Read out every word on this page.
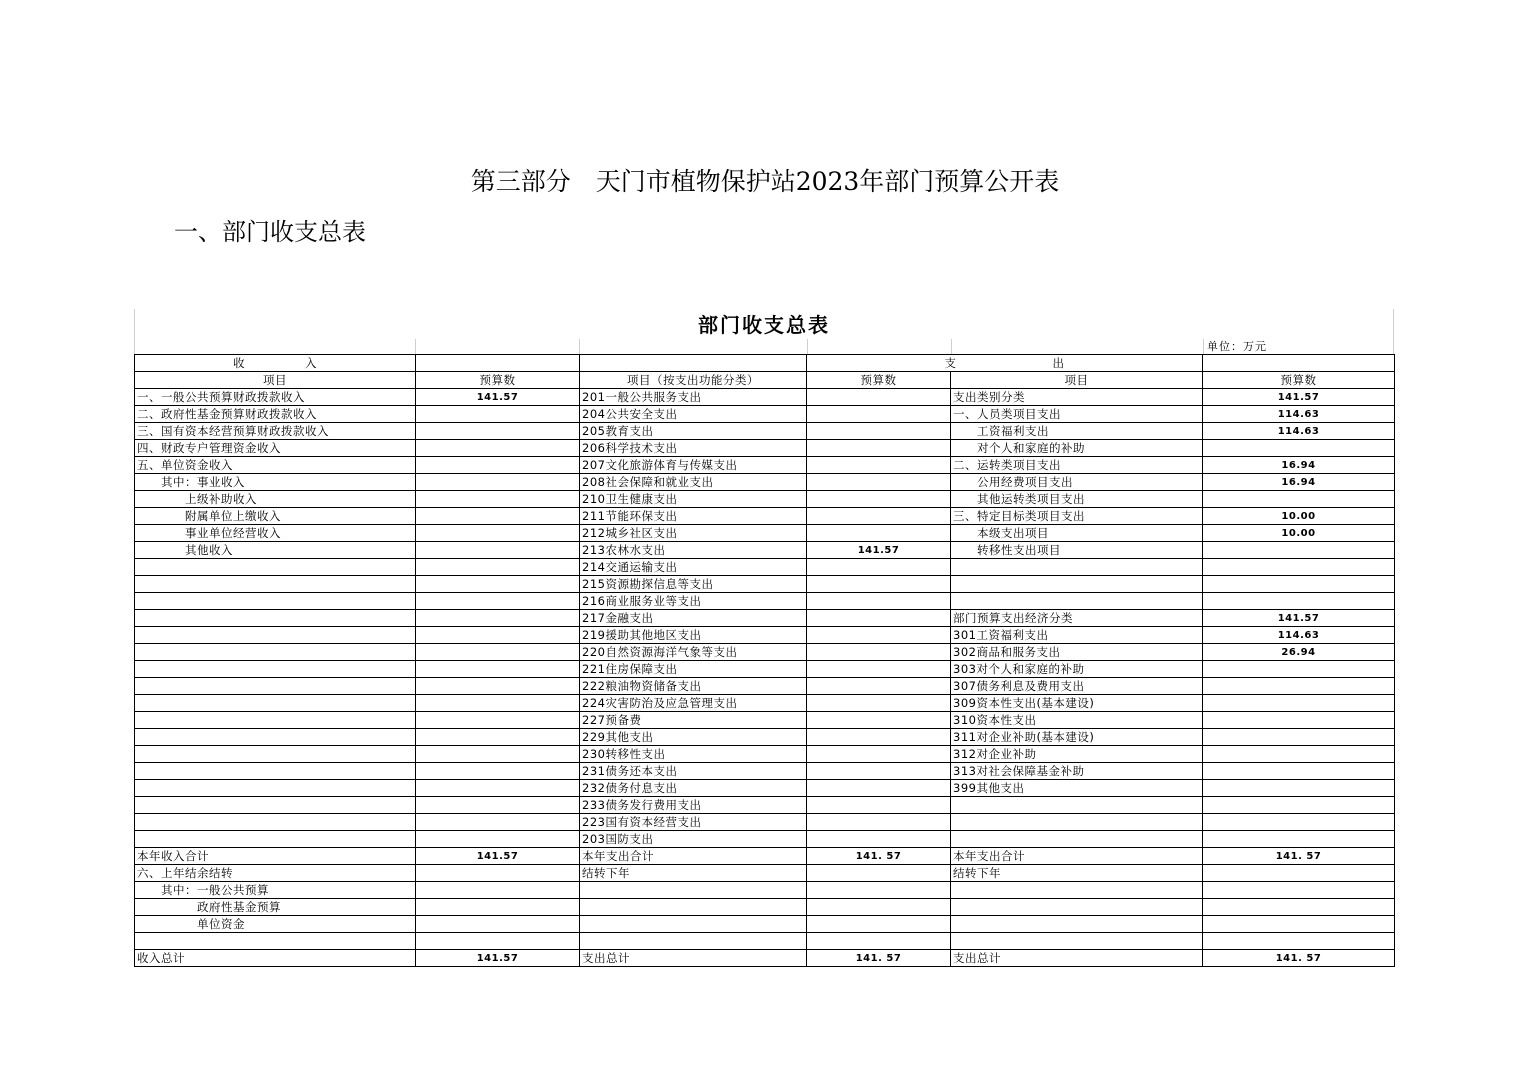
第三部分　天门市植物保护站2023年部门预算公开表
一、部门收支总表
部门收支总表
单位：万元
收　　　　　入			支　　　　　　　　出		
项目	预算数	项目（按支出功能分类）	预算数	项目	预算数
一、一般公共预算财政拨款收入	141.57	201一般公共服务支出		支出类别分类	141.57
二、政府性基金预算财政拨款收入		204公共安全支出		一、人员类项目支出	114.63
三、国有资本经营预算财政拨款收入		205教育支出		　　工资福利支出	114.63
四、财政专户管理资金收入		206科学技术支出		　　对个人和家庭的补助	
五、单位资金收入		207文化旅游体育与传媒支出		二、运转类项目支出	16.94
　　其中：事业收入		208社会保障和就业支出		　　公用经费项目支出	16.94
　　　　上级补助收入		210卫生健康支出		　　其他运转类项目支出	
　　　　附属单位上缴收入		211节能环保支出		三、特定目标类项目支出	10.00
　　　　事业单位经营收入		212城乡社区支出		　　本级支出项目	10.00
　　　　其他收入		213农林水支出	141.57	　　转移性支出项目	
		214交通运输支出			
		215资源勘探信息等支出			
		216商业服务业等支出			
		217金融支出		部门预算支出经济分类	141.57
		219援助其他地区支出		301工资福利支出	114.63
		220自然资源海洋气象等支出		302商品和服务支出	26.94
		221住房保障支出		303对个人和家庭的补助	
		222粮油物资储备支出		307债务利息及费用支出	
		224灾害防治及应急管理支出		309资本性支出(基本建设)	
		227预备费		310资本性支出	
		229其他支出		311对企业补助(基本建设)	
		230转移性支出		312对企业补助	
		231债务还本支出		313对社会保障基金补助	
		232债务付息支出		399其他支出	
		233债务发行费用支出			
		223国有资本经营支出			
		203国防支出			
本年收入合计	141.57	本年支出合计	141. 57	本年支出合计	141. 57
六、上年结余结转		结转下年		结转下年	
　　其中：一般公共预算					
　　　　　政府性基金预算					
　　　　　单位资金					

收入总计	141.57	支出总计	141. 57	支出总计	141. 57
